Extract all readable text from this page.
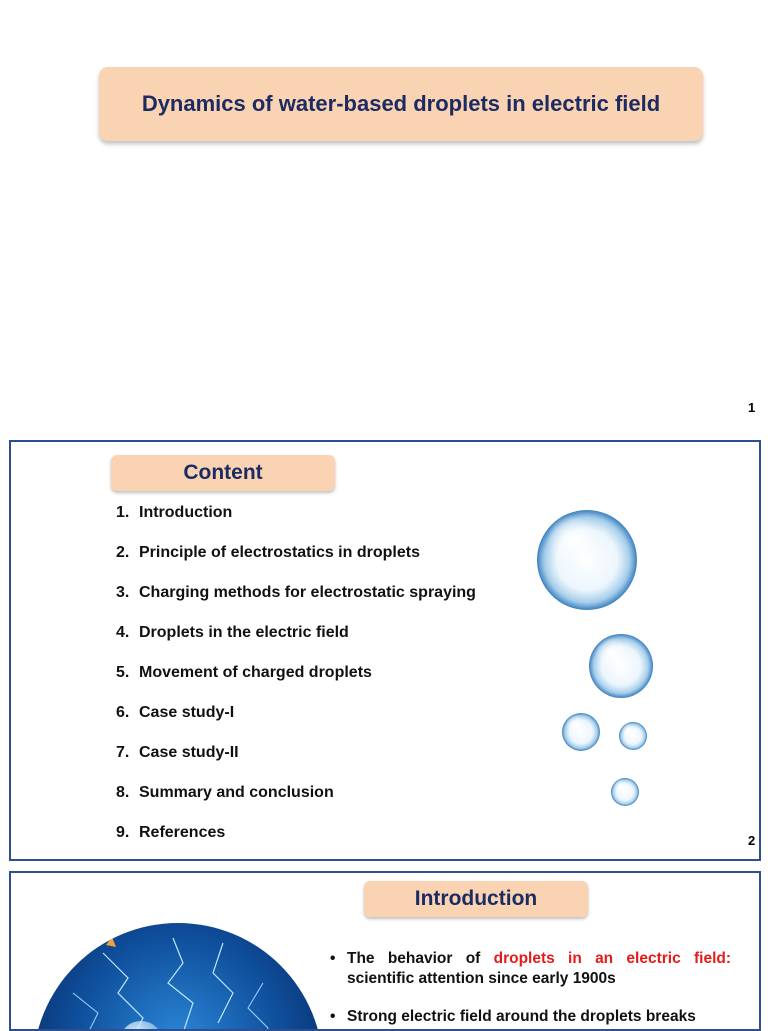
Dynamics of water-based droplets in electric field
1
Content
1. Introduction
2. Principle of electrostatics in droplets
3. Charging methods for electrostatic spraying
4. Droplets in the electric field
5. Movement of charged droplets
6. Case study-I
7. Case study-II
8. Summary and conclusion
9. References	2
Introduction
• The behavior of droplets in an electric field: scientific attention since early 1900s
• Strong electric field around the droplets breaks
